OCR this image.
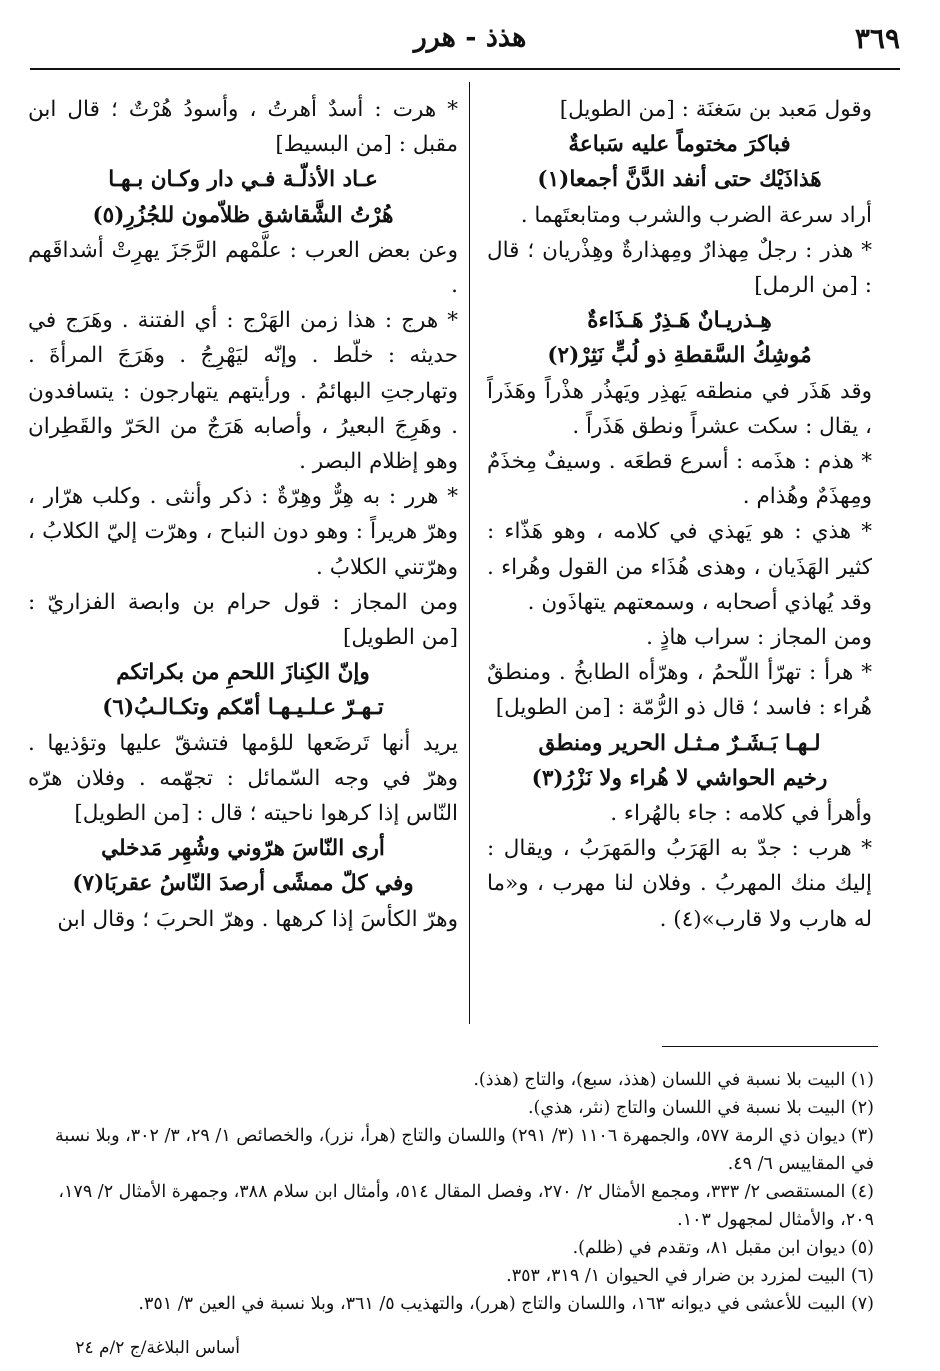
٣٦٩
هذذ - هرر

وقول مَعبد بن سَغنَة : [من الطويل]

فباكرَ مختوماً عليه سَباعةٌ

هَذاذَيْك حتى أنفد الدَّنَّ أجمعا(١)

أراد سرعة الضرب والشرب ومتابعتَهما .

* هذر : رجلٌ مِهذارٌ ومِهذارةٌ وهِذْريان ؛ قال : [من الرمل]

هِـذريـانٌ هَـذِرٌ هَـذَاءةٌ

مُوشِكُ السَّقطةِ ذو لُبٍّ نَثِرْ(٢)

وقد هَذَر في منطقه يَهذِر ويَهذُر هذْراً وهَذَراً ، يقال : سكت عشراً ونطق هَذَراً .

* هذم : هذَمه : أسرع قطعَه . وسيفٌ مِخذَمٌ ومِهذَمٌ وهُذام .

* هذي : هو يَهذي في كلامه ، وهو هَذّاء : كثير الهَذَيان ، وهذى هُذَاء من القول وهُراء . وقد يُهاذي أصحابه ، وسمعتهم يتهاذَون .

ومن المجاز : سراب هاذٍ .

* هرأ : تهرّأ اللّحمُ ، وهرّأه الطابخُ . ومنطقٌ هُراء : فاسد ؛ قال ذو الرُّمّة : [من الطويل]

لـهـا بَـشَـرٌ مـثـل الحرير ومنطق

رخيم الحواشي لا هُراء ولا نَزْرُ(٣)

وأهرأ في كلامه : جاء بالهُراء .

* هرب : جدّ به الهَرَبُ والمَهرَبُ ، ويقال : إليك منك المهربُ . وفلان لنا مهرب ، و«ما له هارب ولا قارب»(٤) .

* هرت : أسدٌ أهرتُ ، وأسودُ هُرْتٌ ؛ قال ابن مقبل : [من البسيط]

عـاد الأذلّـة فـي دار وكـان بـهـا

هُرْتُ الشَّقاشق ظلاّمون للجُزُرِ(٥)

وعن بعض العرب : علَّمْهم الرَّجَزَ يهرِتْ أشداقَهم .

* هرج : هذا زمن الهَرْج : أي الفتنة . وهَرَج في حديثه : خلّط . وإنّه ليَهْرِجُ . وهَرَجَ المرأةَ . وتهارجتِ البهائمُ . ورأيتهم يتهارجون : يتسافدون . وهَرِجَ البعيرُ ، وأصابه هَرَجٌ من الحَرّ والقَطِران وهو إظلام البصر .

* هرر : به هِرٌّ وهِرّةٌ : ذكر وأنثى . وكلب هرّار ، وهرّ هريراً : وهو دون النباح ، وهرّت إليّ الكلابُ ، وهرّتني الكلابُ .

ومن المجاز : قول حرام بن وابصة الفزاريّ : [من الطويل]

وإنّ الكِنازَ اللحمِ من بكراتكم

تـهـرّ عـلـيـهـا أمّكم وتكـالـبُ(٦)

يريد أنها تَرضَعها للؤمها فتشقّ عليها وتؤذيها . وهرّ في وجه السّمائل : تجهّمه . وفلان هرّه النّاس إذا كرهوا ناحيته ؛ قال : [من الطويل]

أرى النّاسَ هرّوني وشُهِر مَدخلي

وفي كلّ ممشًى أرصدَ النّاسُ عقربَا(٧)

وهرّ الكأسَ إذا كرهها . وهرّ الحربَ ؛ وقال ابن

(١) البيت بلا نسبة في اللسان (هذذ، سبع)، والتاج (هذذ).

(٢) البيت بلا نسبة في اللسان والتاج (نثر، هذي).

(٣) ديوان ذي الرمة ٥٧٧، والجمهرة ١١٠٦ (٣/ ٢٩١) واللسان والتاج (هرأ، نزر)، والخصائص ١/ ٢٩، ٣/ ٣٠٢، وبلا نسبة في المقاييس ٦/ ٤٩.

(٤) المستقصى ٢/ ٣٣٣، ومجمع الأمثال ٢/ ٢٧٠، وفصل المقال ٥١٤، وأمثال ابن سلام ٣٨٨، وجمهرة الأمثال ٢/ ١٧٩، ٢٠٩، والأمثال لمجهول ١٠٣.

(٥) ديوان ابن مقبل ٨١، وتقدم في (ظلم).

(٦) البيت لمزرد بن ضرار في الحيوان ١/ ٣١٩، ٣٥٣.

(٧) البيت للأعشى في ديوانه ١٦٣، واللسان والتاج (هرر)، والتهذيب ٥/ ٣٦١، وبلا نسبة في العين ٣/ ٣٥١.

أساس البلاغة/ج ٢/م ٢٤
